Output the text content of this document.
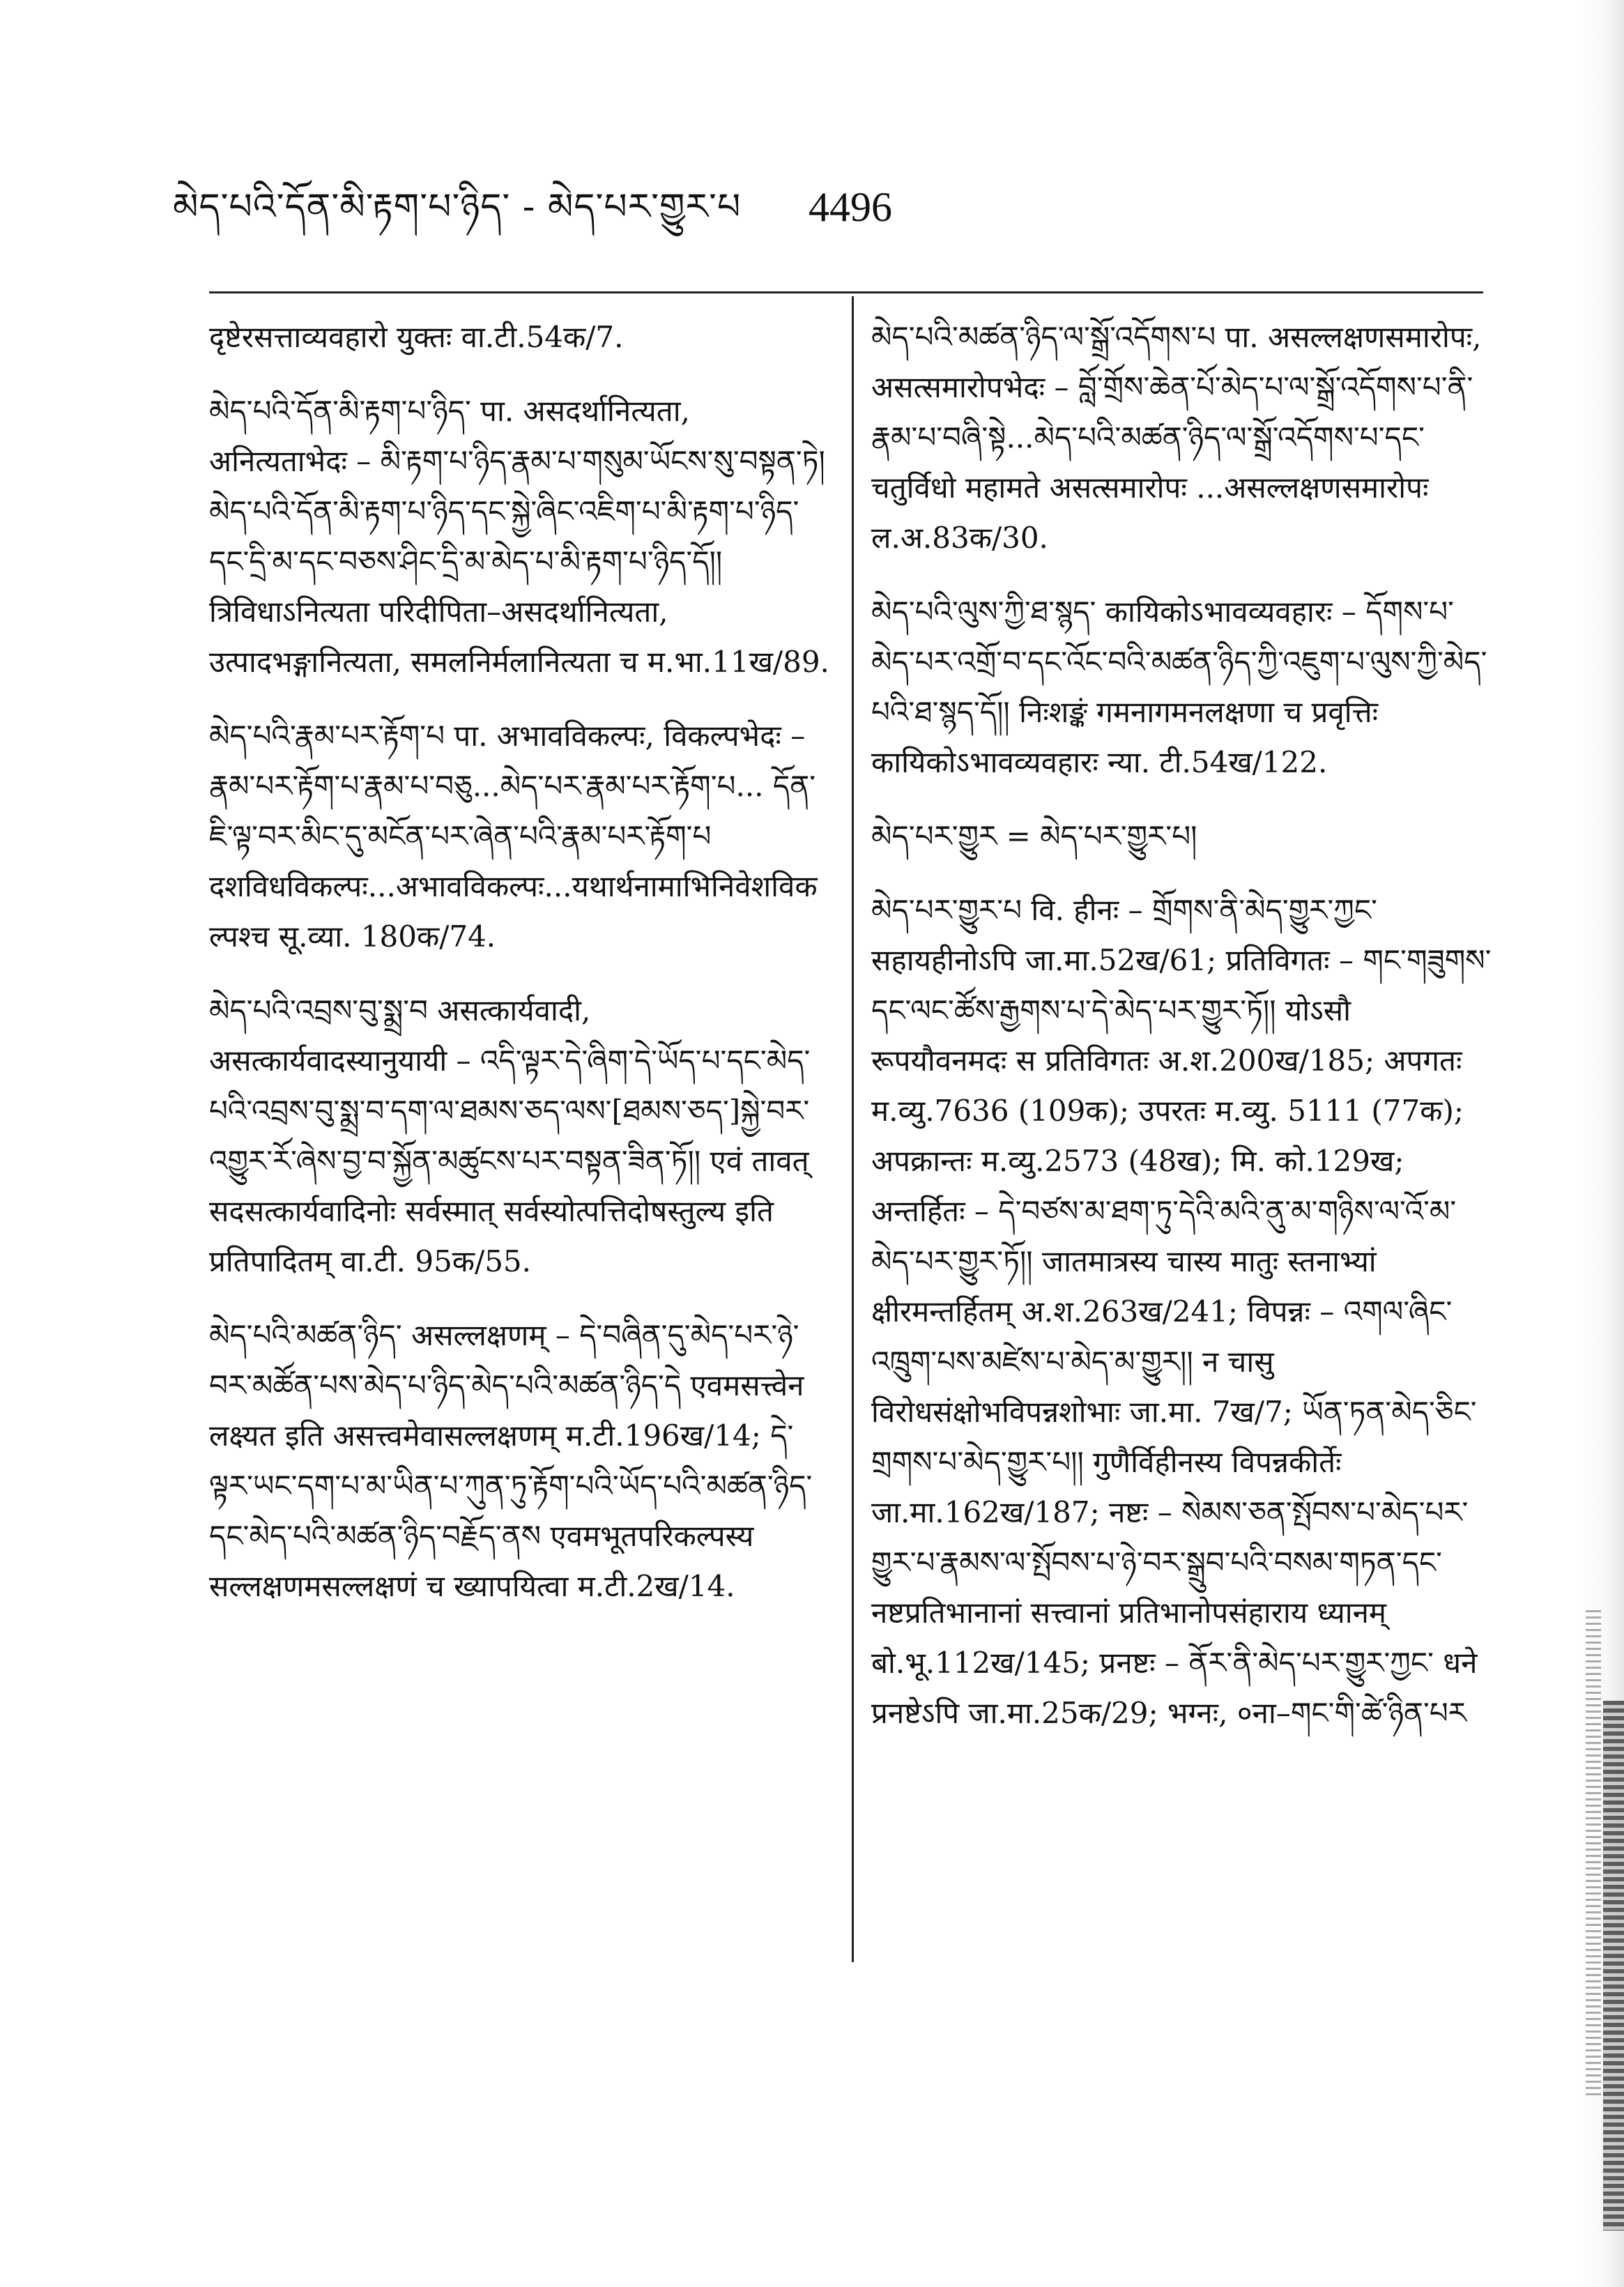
མེད་པའི་དོན་མི་རྟག་པ་ཉིད་ - མེད་པར་གྱུར་པ 4496
दृष्टेरसत्ताव्यवहारो युक्तः वा.टी.54क/7.
མེད་པའི་དོན་མི་རྟག་པ་ཉིད་ पा. असदर्थानित्यता, अनित्यताभेदः – མི་རྟག་པ་ཉིད་རྣམ་པ་གསུམ་ཡོངས་སུ་བསྟན་ཏེ། མེད་པའི་དོན་མི་རྟག་པ་ཉིད་དང་སྐྱེ་ཞིང་འཇིག་པ་མི་རྟག་པ་ཉིད་དང་དྲི་མ་དང་བཅས་ཤིང་དྲི་མ་མེད་པ་མི་རྟག་པ་ཉིད་དོ།། त्रिविधाऽनित्यता परिदीपिता–असदर्थानित्यता, उत्पादभङ्गानित्यता, समलनिर्मलानित्यता च म.भा.11ख/89.
མེད་པའི་རྣམ་པར་རྟོག་པ पा. अभावविकल्पः, विकल्पभेदः – རྣམ་པར་རྟོག་པ་རྣམ་པ་བཅུ...མེད་པར་རྣམ་པར་རྟོག་པ... དོན་ཇི་ལྟ་བར་མིང་དུ་མངོན་པར་ཞེན་པའི་རྣམ་པར་རྟོག་པ दशविधविकल्पः...अभावविकल्पः...यथार्थनामाभिनिवेशविकल्पश्च सू.व्या. 180क/74.
མེད་པའི་འབྲས་བུ་སྨྲ་བ असत्कार्यवादी, असत्कार्यवादस्यानुयायी – འདི་ལྟར་དེ་ཞིག་དེ་ཡོད་པ་དང་མེད་པའི་འབྲས་བུ་སྨྲ་བ་དག་ལ་ཐམས་ཅད་ལས་[ཐམས་ཅད་]སྐྱེ་བར་འགྱུར་རོ་ཞེས་བྱ་བ་སྐྱོན་མཚུངས་པར་བསྟན་ཟིན་ཏོ།། एवं तावत् सदसत्कार्यवादिनोः सर्वस्मात् सर्वस्योत्पत्तिदोषस्तुल्य इति प्रतिपादितम् वा.टी. 95क/55.
མེད་པའི་མཚན་ཉིད་ असल्लक्षणम् – དེ་བཞིན་དུ་མེད་པར་ཉེ་བར་མཚོན་པས་མེད་པ་ཉིད་མེད་པའི་མཚན་ཉིད་དེ एवमसत्त्वेन लक्ष्यत इति असत्त्वमेवासल्लक्षणम् म.टी.196ख/14; དེ་ལྟར་ཡང་དག་པ་མ་ཡིན་པ་ཀུན་ཏུ་རྟོག་པའི་ཡོད་པའི་མཚན་ཉིད་དང་མེད་པའི་མཚན་ཉིད་བརྗོད་ནས एवमभूतपरिकल्पस्य सल्लक्षणमसल्लक्षणं च ख्यापयित्वा म.टी.2ख/14.
མེད་པའི་མཚན་ཉིད་ལ་སྒྲོ་འདོགས་པ पा. असल्लक्षणसमारोपः, असत्समारोपभेदः – བློ་གྲོས་ཆེན་པོ་མེད་པ་ལ་སྒྲོ་འདོགས་པ་ནི་རྣམ་པ་བཞི་སྟེ...མེད་པའི་མཚན་ཉིད་ལ་སྒྲོ་འདོགས་པ་དང་ चतुर्विधो महामते असत्समारोपः ...असल्लक्षणसमारोपः ल.अ.83क/30.
མེད་པའི་ལུས་ཀྱི་ཐ་སྙད་ कायिकोऽभावव्यवहारः – དོགས་པ་མེད་པར་འགྲོ་བ་དང་འོང་བའི་མཚན་ཉིད་ཀྱི་འཇུག་པ་ལུས་ཀྱི་མེད་པའི་ཐ་སྙད་དོ།། निःशङ्कं गमनागमनलक्षणा च प्रवृत्तिः कायिकोऽभावव्यवहारः न्या. टी.54ख/122.
མེད་པར་གྱུར = མེད་པར་གྱུར་པ།
མེད་པར་གྱུར་པ वि. हीनः – གྲོགས་ནི་མེད་གྱུར་ཀྱང་ सहायहीनोऽपि जा.मा.52ख/61; प्रतिविगतः – གང་གཟུགས་དང་ལང་ཚོས་རྒྱགས་པ་དེ་མེད་པར་གྱུར་ཏོ།། योऽसौ रूपयौवनमदः स प्रतिविगतः अ.श.200ख/185; अपगतः म.व्यु.7636 (109क); उपरतः म.व्यु. 5111 (77क); अपक्रान्तः म.व्यु.2573 (48ख); मि. को.129ख; अन्तर्हितः – དེ་བཙས་མ་ཐག་ཏུ་དེའི་མའི་ནུ་མ་གཉིས་ལ་འོ་མ་མེད་པར་གྱུར་ཏོ།། जातमात्रस्य चास्य मातुः स्तनाभ्यां क्षीरमन्तर्हितम् अ.श.263ख/241; विपन्नः – འགལ་ཞིང་འཁྲུག་པས་མཛེས་པ་མེད་མ་གྱུར།། न चासु विरोधसंक्षोभविपन्नशोभाः जा.मा. 7ख/7; ཡོན་ཏན་མེད་ཅིང་གྲགས་པ་མེད་གྱུར་པ།། गुणैर्विहीनस्य विपन्नकीर्तेः जा.मा.162ख/187; नष्टः – སེམས་ཅན་སྤོབས་པ་མེད་པར་གྱུར་པ་རྣམས་ལ་སྤོབས་པ་ཉེ་བར་སྒྲུབ་པའི་བསམ་གཏན་དང་ नष्टप्रतिभानानां सत्त्वानां प्रतिभानोपसंहाराय ध्यानम् बो.भू.112ख/145; प्रनष्टः – ནོར་ནི་མེད་པར་གྱུར་ཀྱང་ धने प्रनष्टेऽपि जा.मा.25क/29; भग्नः, ०ना–གང་གི་ཚེ་ཉིན་པར
